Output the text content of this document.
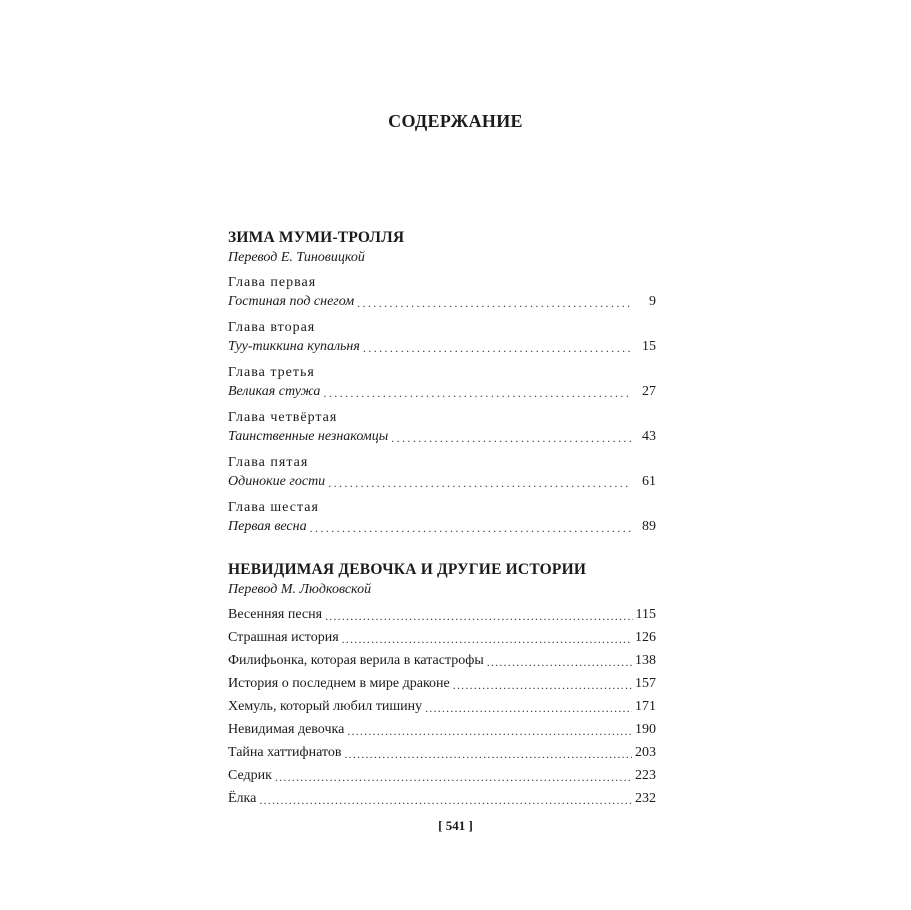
СОДЕРЖАНИЕ
ЗИМА МУМИ-ТРОЛЛЯ
Перевод Е. Тиновицкой
Глава первая
Гостиная под снегом .....	9
Глава вторая
Туу-тиккина купальня .....	15
Глава третья
Великая стужа .....	27
Глава четвёртая
Таинственные незнакомцы .....	43
Глава пятая
Одинокие гости .....	61
Глава шестая
Первая весна .....	89
НЕВИДИМАЯ ДЕВОЧКА И ДРУГИЕ ИСТОРИИ
Перевод М. Людковской
Весенняя песня .....	115
Страшная история .....	126
Филифьонка, которая верила в катастрофы .....	138
История о последнем в мире драконе .....	157
Хемуль, который любил тишину .....	171
Невидимая девочка .....	190
Тайна хаттифнатов .....	203
Седрик .....	223
Ёлка .....	232
[ 541 ]
